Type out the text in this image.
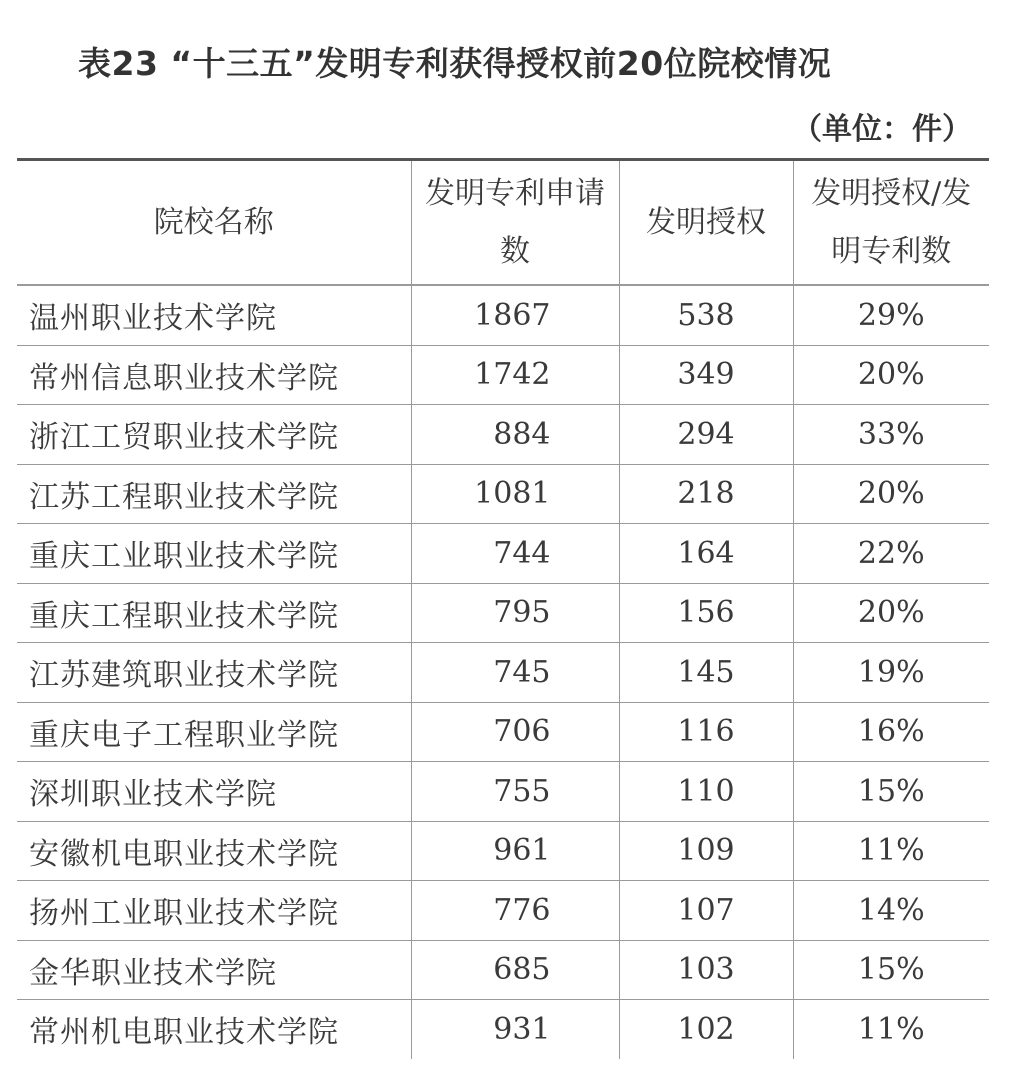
表23 “十三五”发明专利获得授权前20位院校情况
（单位：件）
院校名称	发明专利申请数	发明授权	发明授权/发明专利数
温州职业技术学院	1867	538	29%
常州信息职业技术学院	1742	349	20%
浙江工贸职业技术学院	884	294	33%
江苏工程职业技术学院	1081	218	20%
重庆工业职业技术学院	744	164	22%
重庆工程职业技术学院	795	156	20%
江苏建筑职业技术学院	745	145	19%
重庆电子工程职业学院	706	116	16%
深圳职业技术学院	755	110	15%
安徽机电职业技术学院	961	109	11%
扬州工业职业技术学院	776	107	14%
金华职业技术学院	685	103	15%
常州机电职业技术学院	931	102	11%
